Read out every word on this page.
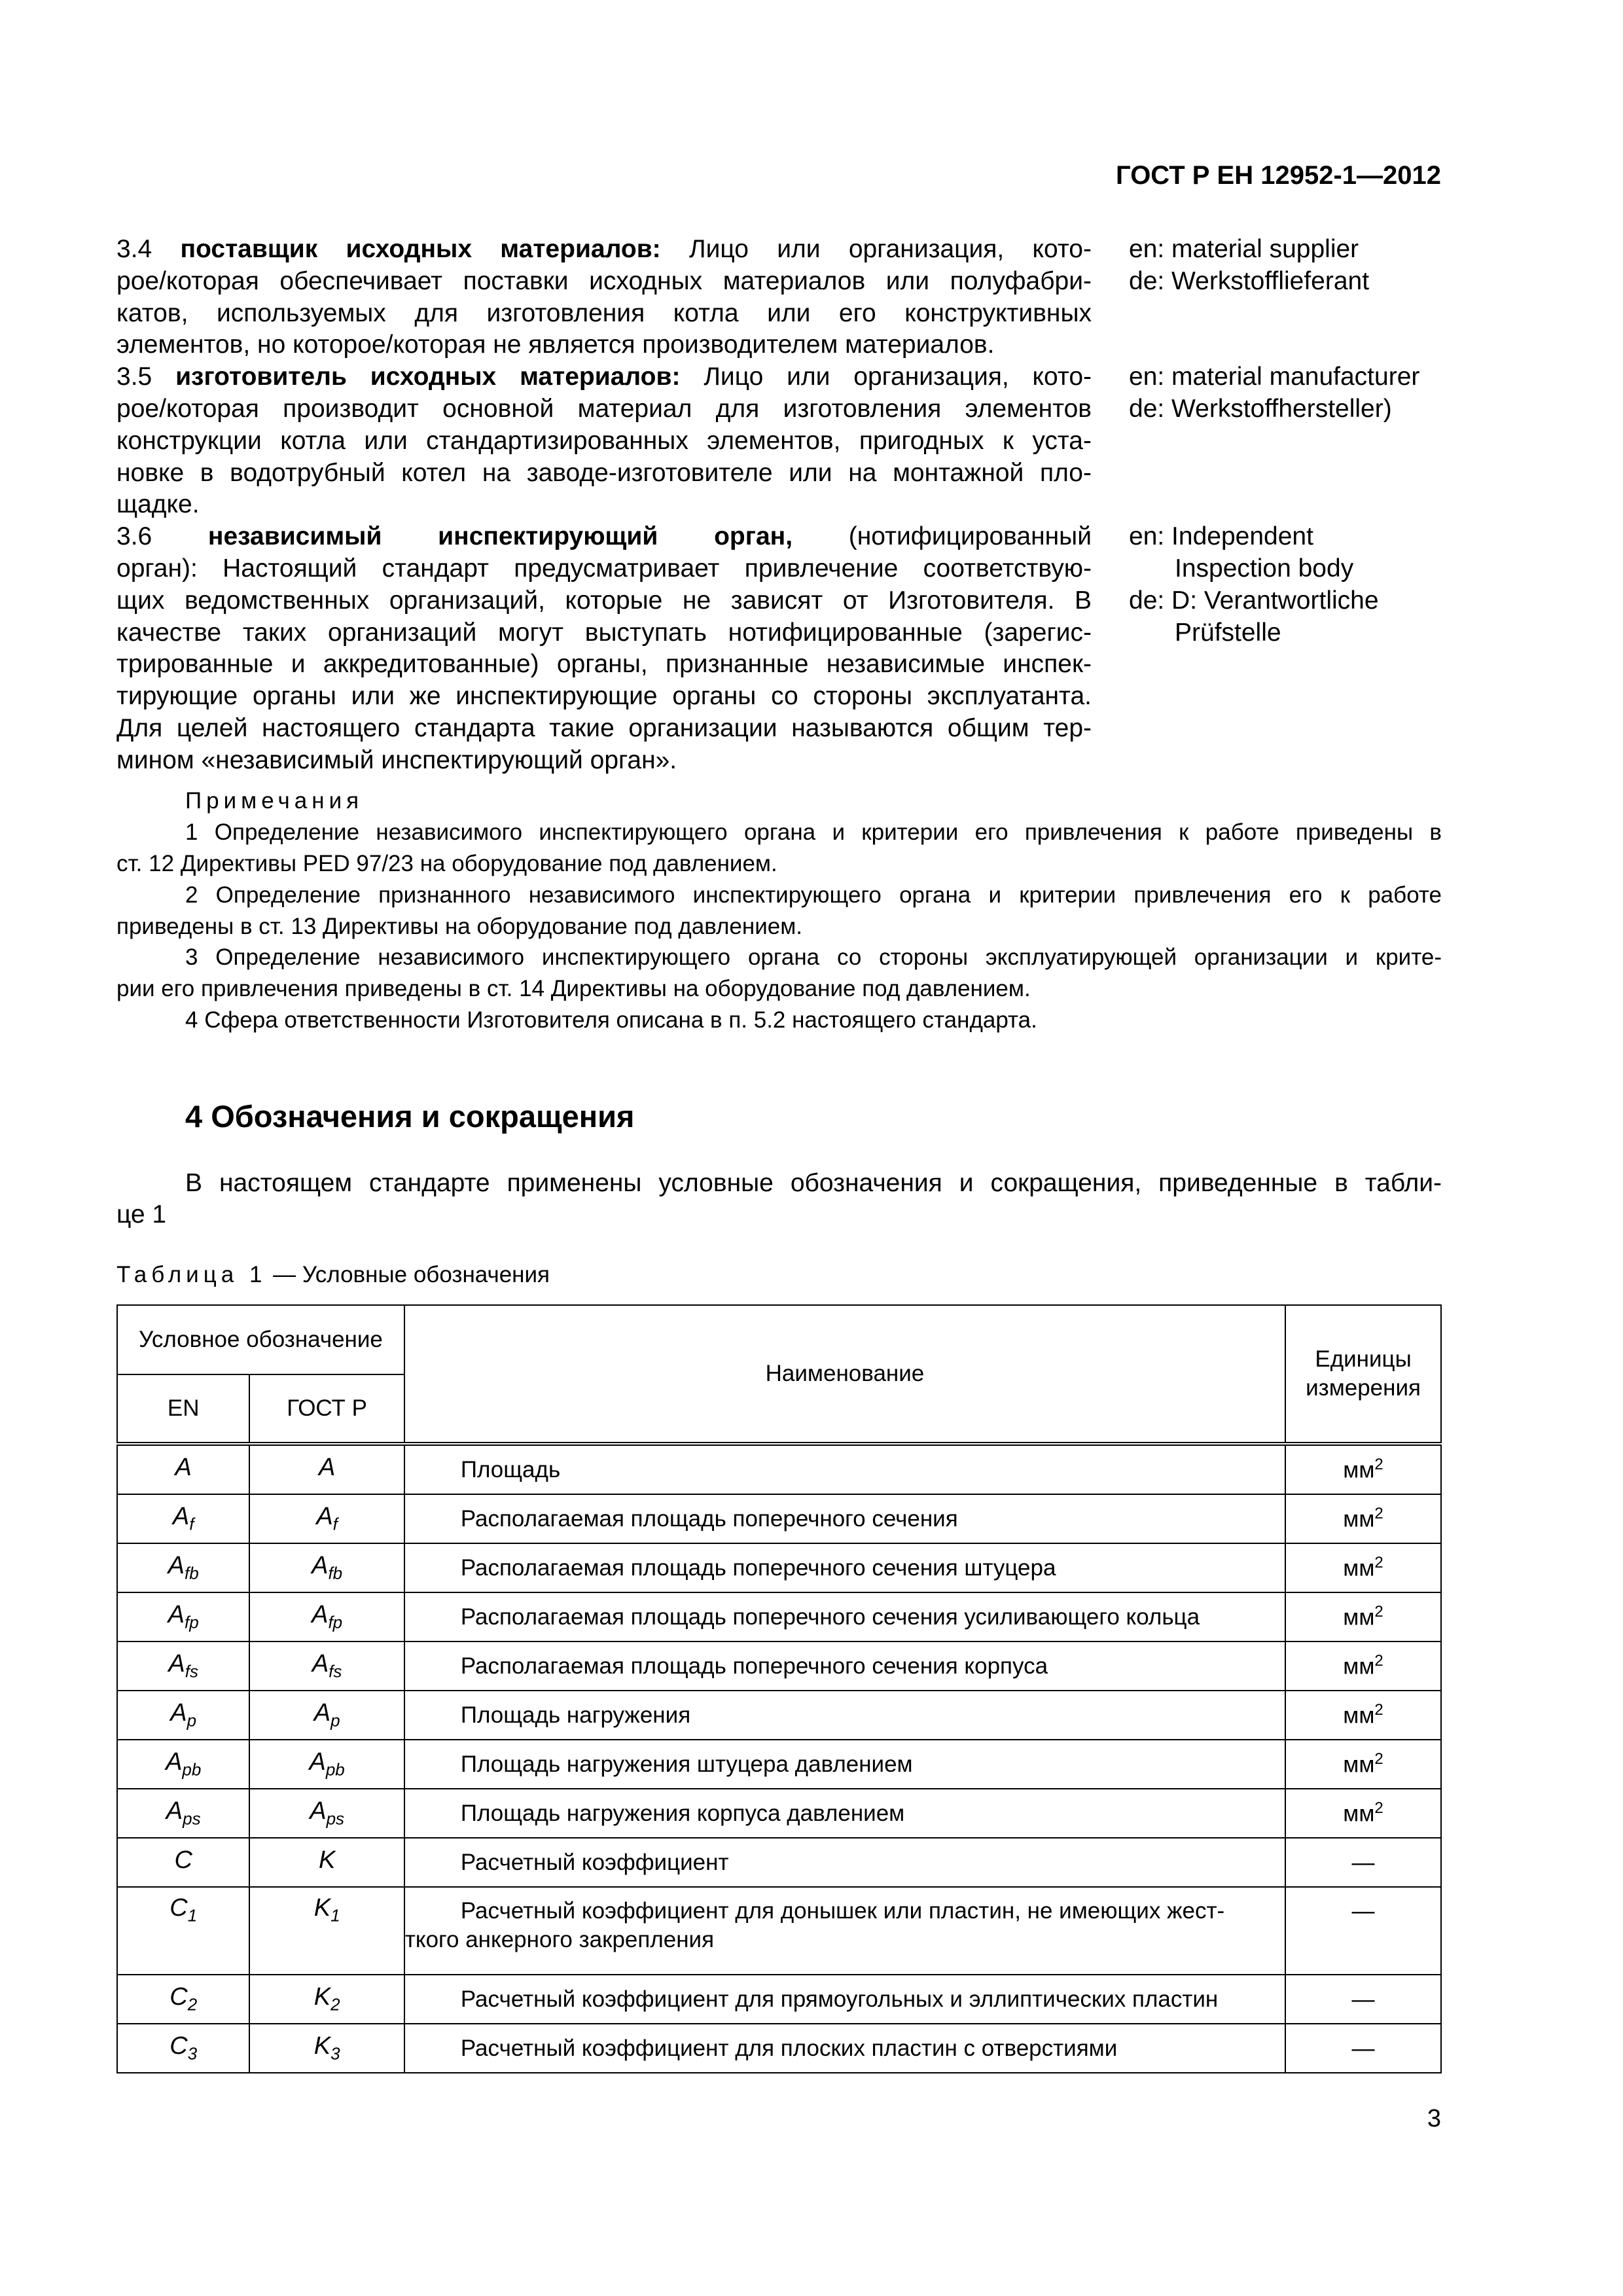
ГОСТ Р ЕН 12952-1—2012
3.4 поставщик исходных материалов: Лицо или организация, кото-
рое/которая обеспечивает поставки исходных материалов или полуфабри-
катов, используемых для изготовления котла или его конструктивных
элементов, но которое/которая не является производителем материалов.
3.5 изготовитель исходных материалов: Лицо или организация, кото-
рое/которая производит основной материал для изготовления элементов
конструкции котла или стандартизированных элементов, пригодных к уста-
новке в водотрубный котел на заводе-изготовителе или на монтажной пло-
щадке.
3.6 независимый инспектирующий орган, (нотифицированный
орган): Настоящий стандарт предусматривает привлечение соответствую-
щих ведомственных организаций, которые не зависят от Изготовителя. В
качестве таких организаций могут выступать нотифицированные (зарегис-
трированные и аккредитованные) органы, признанные независимые инспек-
тирующие органы или же инспектирующие органы со стороны эксплуатанта.
Для целей настоящего стандарта такие организации называются общим тер-
мином «независимый инспектирующий орган».
en: material supplier
de: Werkstofflieferant
en: material manufacturer
de: Werkstoffhersteller)
en: Independent
Inspection body
de: D: Verantwortliche
Prüfstelle
Примечания
1 Определение независимого инспектирующего органа и критерии его привлечения к работе приведены в
ст. 12 Директивы PED 97/23 на оборудование под давлением.
2 Определение признанного независимого инспектирующего органа и критерии привлечения его к работе
приведены в ст. 13 Директивы на оборудование под давлением.
3 Определение независимого инспектирующего органа со стороны эксплуатирующей организации и крите-
рии его привлечения приведены в ст. 14 Директивы на оборудование под давлением.
4 Сфера ответственности Изготовителя описана в п. 5.2 настоящего стандарта.
4 Обозначения и сокращения
В настоящем стандарте применены условные обозначения и сокращения, приведенные в табли-
це 1
Таблица 1 — Условные обозначения
Условное обозначение		Наименование	Единицы измерения
EN	ГОСТ Р		
A	A	Площадь	$мм^2$
$A_f$	$A_f$	Располагаемая площадь поперечного сечения	$мм^2$
$A_{fb}$	$A_{fb}$	Располагаемая площадь поперечного сечения штуцера	$мм^2$
$A_{fp}$	$A_{fp}$	Располагаемая площадь поперечного сечения усиливающего кольца	$мм^2$
$A_{fs}$	$A_{fs}$	Располагаемая площадь поперечного сечения корпуса	$мм^2$
$A_p$	$A_p$	Площадь нагружения	$мм^2$
$A_{pb}$	$A_{pb}$	Площадь нагружения штуцера давлением	$мм^2$
$A_{ps}$	$A_{ps}$	Площадь нагружения корпуса давлением	$мм^2$
C	K	Расчетный коэффициент	—
$C_1$	$K_1$	Расчетный коэффициент для донышек или пластин, не имеющих жест-
ткого анкерного закрепления	—
$C_2$	$K_2$	Расчетный коэффициент для прямоугольных и эллиптических пластин	—
$C_3$	$K_3$	Расчетный коэффициент для плоских пластин с отверстиями	—
3
